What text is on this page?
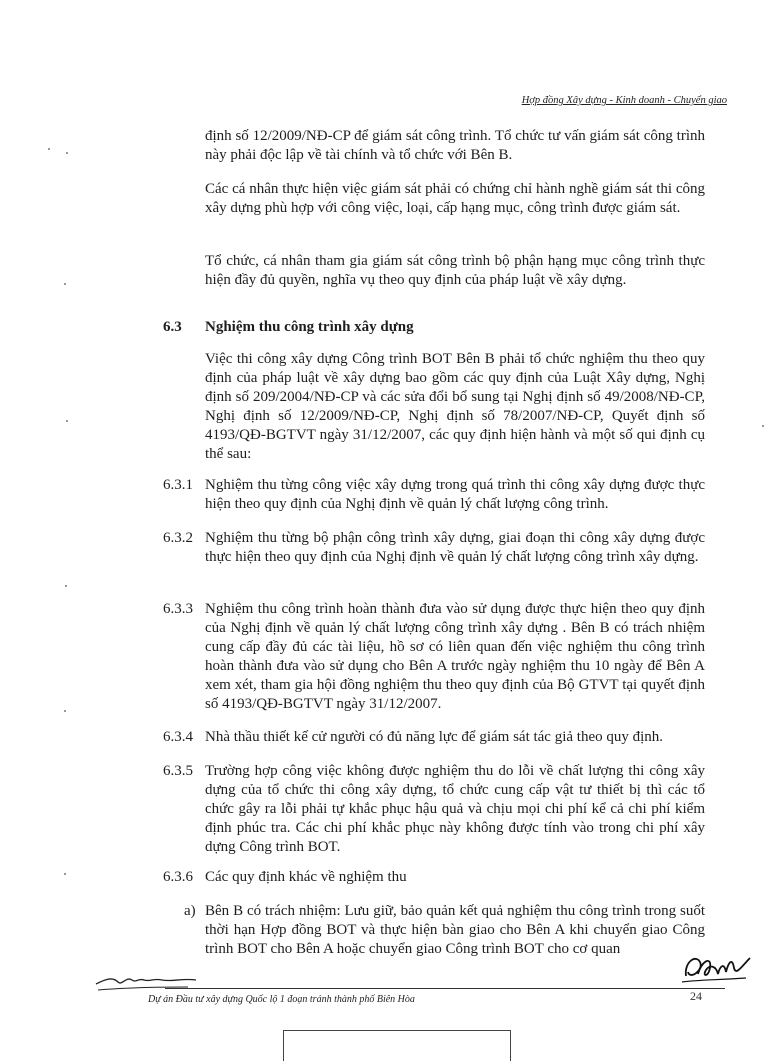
Hợp đồng Xây dựng - Kinh doanh - Chuyển giao

định số 12/2009/NĐ-CP để giám sát công trình. Tổ chức tư vấn giám sát công trình này phải độc lập về tài chính và tổ chức với Bên B.

Các cá nhân thực hiện việc giám sát phải có chứng chỉ hành nghề giám sát thi công xây dựng phù hợp với công việc, loại, cấp hạng mục, công trình được giám sát.

Tổ chức, cá nhân tham gia giám sát công trình bộ phận hạng mục công trình thực hiện đầy đủ quyền, nghĩa vụ theo quy định của pháp luật về xây dựng.

6.3 Nghiệm thu công trình xây dựng

Việc thi công xây dựng Công trình BOT Bên B phải tổ chức nghiệm thu theo quy định của pháp luật về xây dựng bao gồm các quy định của Luật Xây dựng, Nghị định số 209/2004/NĐ-CP và các sửa đổi bổ sung tại Nghị định số 49/2008/NĐ-CP, Nghị định số 12/2009/NĐ-CP, Nghị định số 78/2007/NĐ-CP, Quyết định số 4193/QĐ-BGTVT ngày 31/12/2007, các quy định hiện hành và một số qui định cụ thể sau:

6.3.1 Nghiệm thu từng công việc xây dựng trong quá trình thi công xây dựng được thực hiện theo quy định của Nghị định về quản lý chất lượng công trình.

6.3.2 Nghiệm thu từng bộ phận công trình xây dựng, giai đoạn thi công xây dựng được thực hiện theo quy định của Nghị định về quản lý chất lượng công trình xây dựng.

6.3.3 Nghiệm thu công trình hoàn thành đưa vào sử dụng được thực hiện theo quy định của Nghị định về quản lý chất lượng công trình xây dựng . Bên B có trách nhiệm cung cấp đầy đủ các tài liệu, hồ sơ có liên quan đến việc nghiệm thu công trình hoàn thành đưa vào sử dụng cho Bên A trước ngày nghiệm thu 10 ngày để Bên A xem xét, tham gia hội đồng nghiệm thu theo quy định của Bộ GTVT tại quyết định số 4193/QĐ-BGTVT ngày 31/12/2007.

6.3.4 Nhà thầu thiết kế cử người có đủ năng lực để giám sát tác giả theo quy định.

6.3.5 Trường hợp công việc không được nghiệm thu do lỗi về chất lượng thi công xây dựng của tổ chức thi công xây dựng, tổ chức cung cấp vật tư thiết bị thì các tổ chức gây ra lỗi phải tự khắc phục hậu quả và chịu mọi chi phí kể cả chi phí kiểm định phúc tra. Các chi phí khắc phục này không được tính vào trong chi phí xây dựng Công trình BOT.

6.3.6 Các quy định khác về nghiệm thu

a) Bên B có trách nhiệm: Lưu giữ, bảo quản kết quả nghiệm thu công trình trong suốt thời hạn Hợp đồng BOT và thực hiện bàn giao cho Bên A khi chuyển giao Công trình BOT cho Bên A hoặc chuyển giao Công trình BOT cho cơ quan

Dự án Đầu tư xây dựng Quốc lộ 1 đoạn tránh thành phố Biên Hòa	24
